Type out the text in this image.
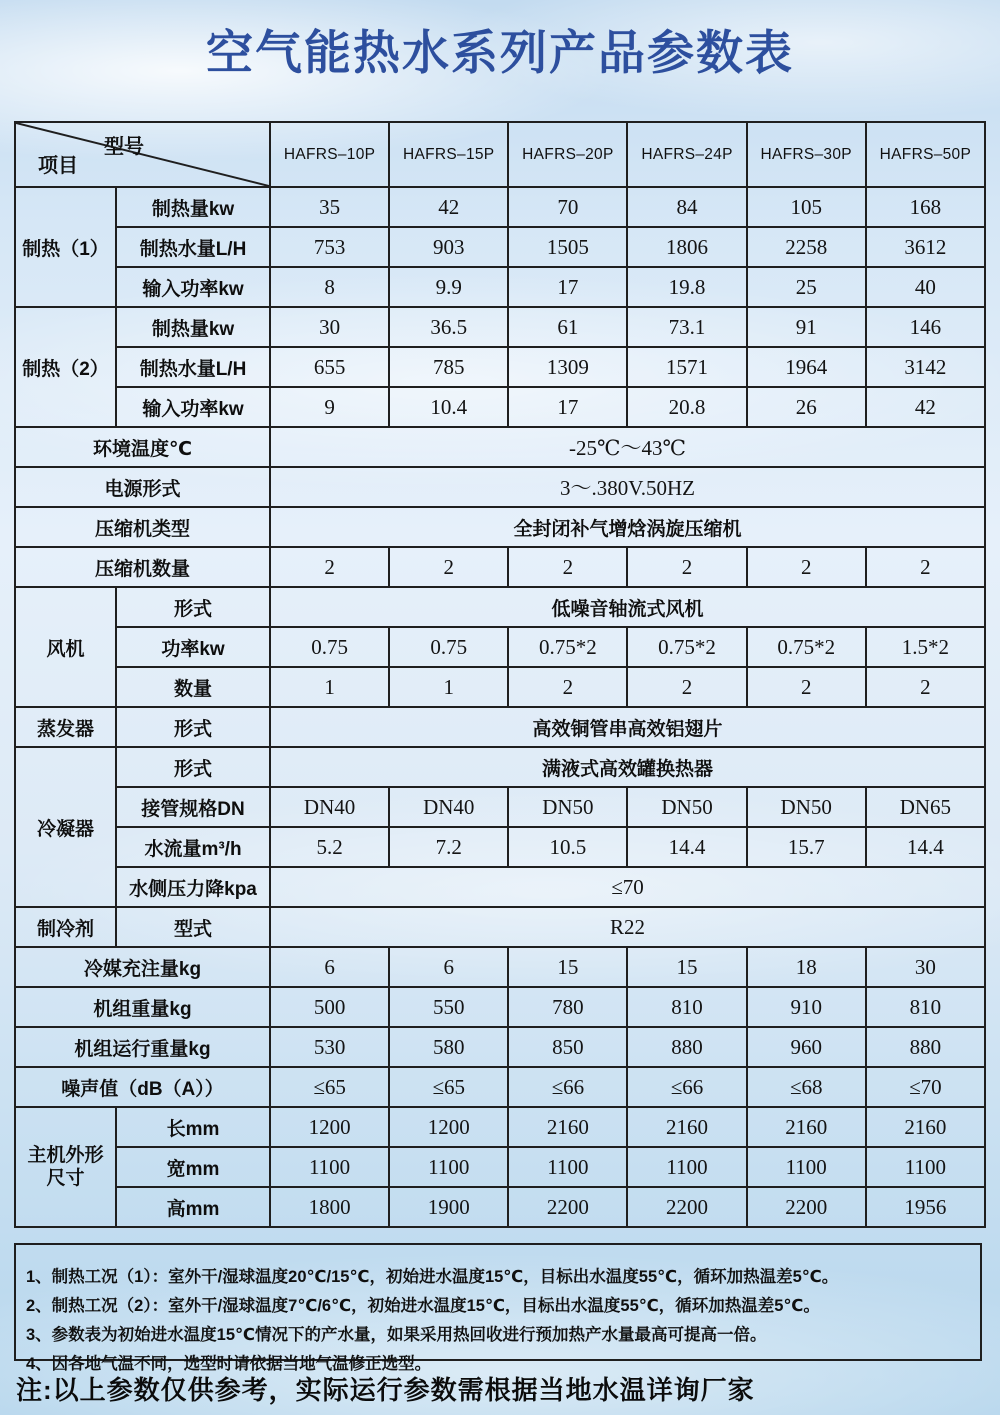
空气能热水系列产品参数表
型号
项目		HAFRS–10P	HAFRS–15P	HAFRS–20P	HAFRS–24P	HAFRS–30P	HAFRS–50P
制热（1）	制热量kw	35	42	70	84	105	168
	制热水量L/H	753	903	1505	1806	2258	3612
	输入功率kw	8	9.9	17	19.8	25	40
制热（2）	制热量kw	30	36.5	61	73.1	91	146
	制热水量L/H	655	785	1309	1571	1964	3142
	输入功率kw	9	10.4	17	20.8	26	42
环境温度℃		-25℃～43℃					
电源形式		3～.380V.50HZ					
压缩机类型		全封闭补气增焓涡旋压缩机					
压缩机数量		2	2	2	2	2	2
风机	形式	低噪音轴流式风机					
	功率kw	0.75	0.75	0.75*2	0.75*2	0.75*2	1.5*2
	数量	1	1	2	2	2	2
蒸发器	形式	高效铜管串高效铝翅片					
冷凝器	形式	满液式高效罐换热器					
	接管规格DN	DN40	DN40	DN50	DN50	DN50	DN65
	水流量m³/h	5.2	7.2	10.5	14.4	15.7	14.4
	水侧压力降kpa	≤70					
制冷剂	型式	R22					
冷媒充注量kg		6	6	15	15	18	30
机组重量kg		500	550	780	810	910	810
机组运行重量kg		530	580	850	880	960	880
噪声值（dB（A））		≤65	≤65	≤66	≤66	≤68	≤70
主机外形
尺寸	长mm	1200	1200	2160	2160	2160	2160
	宽mm	1100	1100	1100	1100	1100	1100
	高mm	1800	1900	2200	2200	2200	1956
1、制热工况（1）：室外干/湿球温度20℃/15℃，初始进水温度15℃，目标出水温度55℃，循环加热温差5℃。
2、制热工况（2）：室外干/湿球温度7℃/6℃，初始进水温度15℃，目标出水温度55℃，循环加热温差5℃。
3、参数表为初始进水温度15℃情况下的产水量，如果采用热回收进行预加热产水量最高可提高一倍。
4、因各地气温不同，选型时请依据当地气温修正选型。
注:以上参数仅供参考，实际运行参数需根据当地水温详询厂家
